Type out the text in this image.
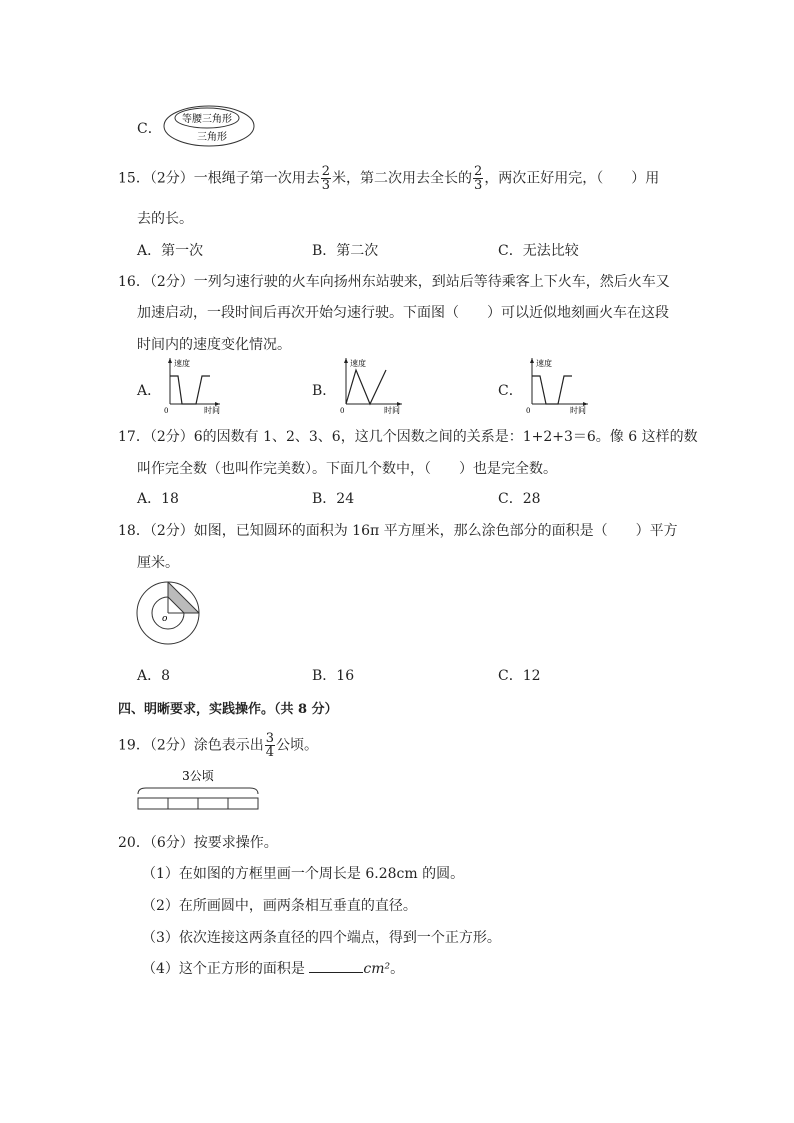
C．
等腰三角形
三角形
15．（2分）一根绳子第一次用去 $\frac{2}{3}$ 米，第二次用去全长的 $\frac{2}{3}$ ，两次正好用完，（　　）用
去的长。
A．第一次	B．第二次	C．无法比较
16．（2分）一列匀速行驶的火车向扬州东站驶来，到站后等待乘客上下火车，然后火车又
加速启动，一段时间后再次开始匀速行驶。下面图（　　）可以近似地刻画火车在这段
时间内的速度变化情况。
A．
速度
时间
0
B．
速度
时间
0
C．
速度
时间
0
17．（2分）6的因数有 1、2、3、6，这几个因数之间的关系是：1+2+3＝6。像 6 这样的数
叫作完全数（也叫作完美数）。下面几个数中，（　　）也是完全数。
A．18	B．24	C．28
18．（2分）如图，已知圆环的面积为 16π 平方厘米，那么涂色部分的面积是（　　）平方
厘米。
o
A．8	B．16	C．12
四、明晰要求，实践操作。（共 8 分）
19．（2分）涂色表示出 $\frac{3}{4}$ 公顷。
3公顷
20．（6分）按要求操作。
（1）在如图的方框里画一个周长是 6.28cm 的圆。
（2）在所画圆中，画两条相互垂直的直径。
（3）依次连接这两条直径的四个端点，得到一个正方形。
（4）这个正方形的面积是	cm²。
